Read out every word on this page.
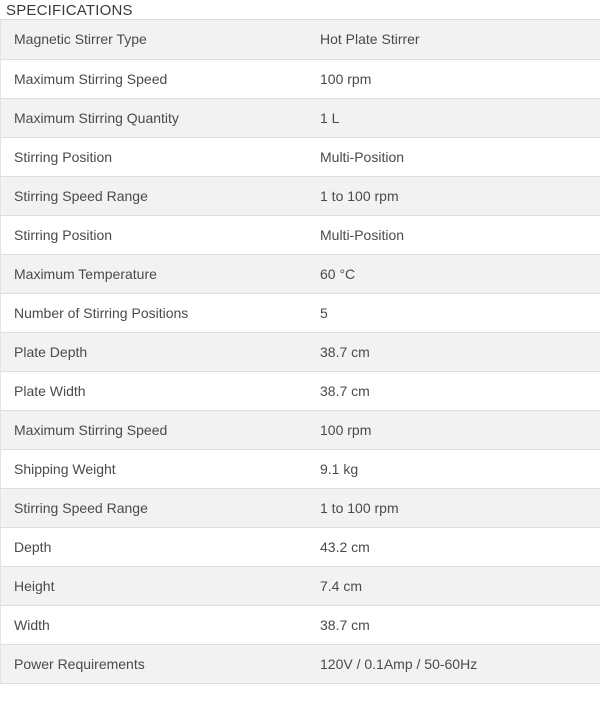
SPECIFICATIONS
Magnetic Stirrer Type	Hot Plate Stirrer
Maximum Stirring Speed	100 rpm
Maximum Stirring Quantity	1 L
Stirring Position	Multi-Position
Stirring Speed Range	1 to 100 rpm
Stirring Position	Multi-Position
Maximum Temperature	60 °C
Number of Stirring Positions	5
Plate Depth	38.7 cm
Plate Width	38.7 cm
Maximum Stirring Speed	100 rpm
Shipping Weight	9.1 kg
Stirring Speed Range	1 to 100 rpm
Depth	43.2 cm
Height	7.4 cm
Width	38.7 cm
Power Requirements	120V / 0.1Amp / 50-60Hz
